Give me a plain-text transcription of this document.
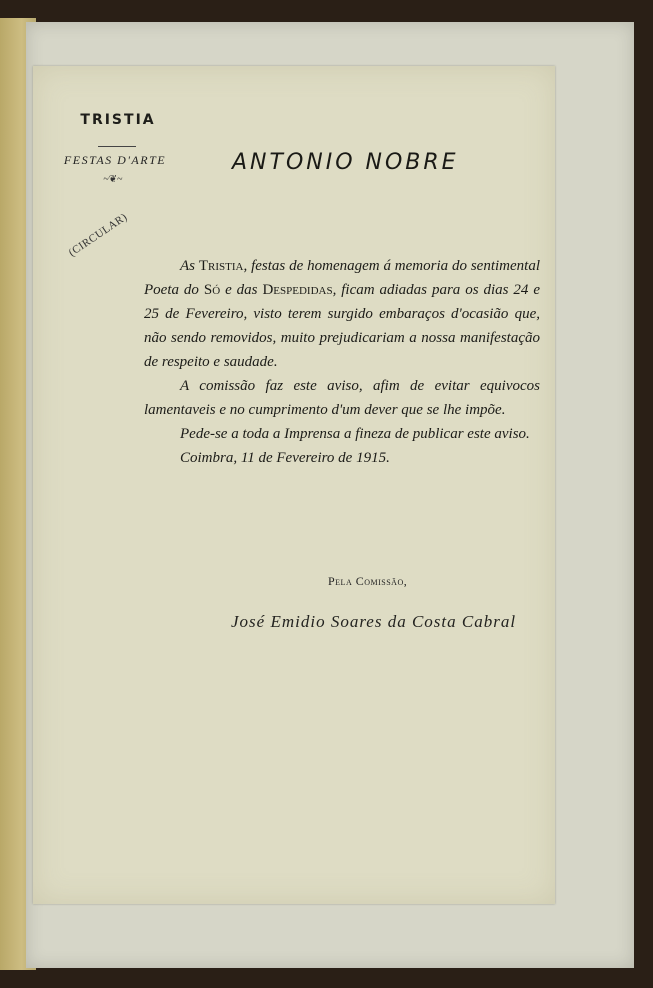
TRISTIA
FESTAS D'ARTE
~❦~
ANTONIO NOBRE
(CIRCULAR)

As Tristia, festas de homenagem á memoria do sentimental Poeta do Só e das Despedidas, ficam adiadas para os dias 24 e 25 de Fevereiro, visto terem surgido embaraços d'ocasião que, não sendo removidos, muito prejudicariam a nossa manifestação de respeito e saudade.

A comissão faz este aviso, afim de evitar equivocos lamentaveis e no cumprimento d'um dever que se lhe impõe.

Pede-se a toda a Imprensa a fineza de publicar este aviso.

Coimbra, 11 de Fevereiro de 1915.

Pela Comissão,
José Emidio Soares da Costa Cabral
